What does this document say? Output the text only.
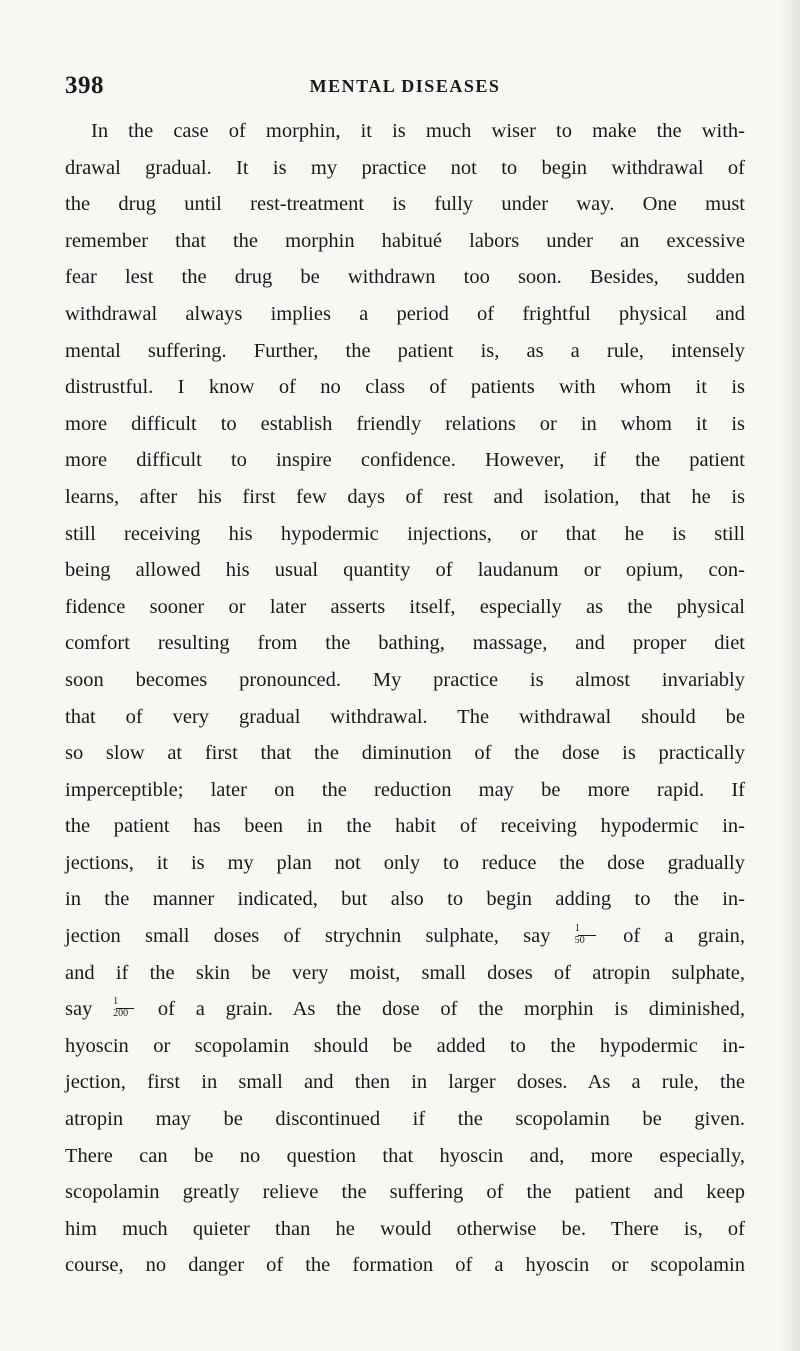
398	MENTAL DISEASES
In the case of morphin, it is much wiser to make the with-
drawal gradual. It is my practice not to begin withdrawal of
the drug until rest-treatment is fully under way. One must
remember that the morphin habitué labors under an excessive
fear lest the drug be withdrawn too soon. Besides, sudden
withdrawal always implies a period of frightful physical and
mental suffering. Further, the patient is, as a rule, intensely
distrustful. I know of no class of patients with whom it is
more difficult to establish friendly relations or in whom it is
more difficult to inspire confidence. However, if the patient
learns, after his first few days of rest and isolation, that he is
still receiving his hypodermic injections, or that he is still
being allowed his usual quantity of laudanum or opium, con-
fidence sooner or later asserts itself, especially as the physical
comfort resulting from the bathing, massage, and proper diet
soon becomes pronounced. My practice is almost invariably
that of very gradual withdrawal. The withdrawal should be
so slow at first that the diminution of the dose is practically
imperceptible; later on the reduction may be more rapid. If
the patient has been in the habit of receiving hypodermic in-
jections, it is my plan not only to reduce the dose gradually
in the manner indicated, but also to begin adding to the in-
jection small doses of strychnin sulphate, say $\frac{1}{50}$ of a grain,
and if the skin be very moist, small doses of atropin sulphate,
say $\frac{1}{200}$ of a grain. As the dose of the morphin is diminished,
hyoscin or scopolamin should be added to the hypodermic in-
jection, first in small and then in larger doses. As a rule, the
atropin may be discontinued if the scopolamin be given.
There can be no question that hyoscin and, more especially,
scopolamin greatly relieve the suffering of the patient and keep
him much quieter than he would otherwise be. There is, of
course, no danger of the formation of a hyoscin or scopolamin
